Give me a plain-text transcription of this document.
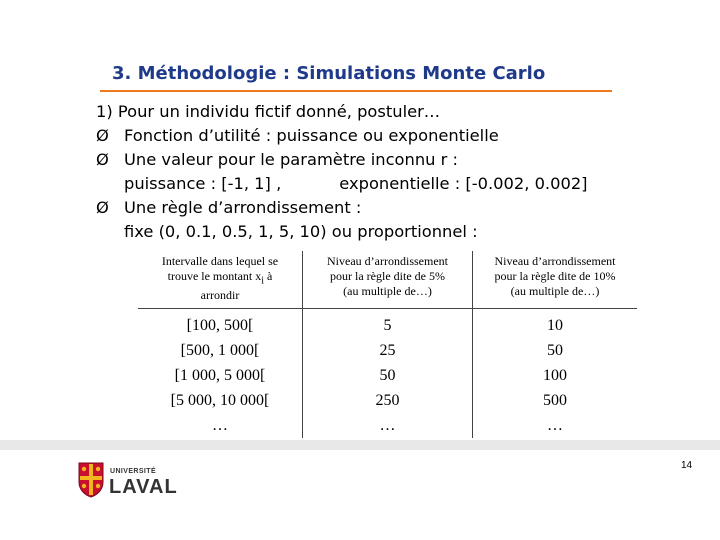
3. Méthodologie : Simulations Monte Carlo
1) Pour un individu fictif donné, postuler…
Ø Fonction d’utilité : puissance ou exponentielle
Ø Une valeur pour le paramètre inconnu r :
puissance : [-1, 1] ,	exponentielle : [-0.002, 0.002]
Ø Une règle d’arrondissement :
fixe (0, 0.1, 0.5, 1, 5, 10) ou proportionnel :
Intervalle dans lequel se
trouve le montant $x_i$ à
arrondir	Niveau d’arrondissement
pour la règle dite de 5%
(au multiple de…)	Niveau d’arrondissement
pour la règle dite de 10%
(au multiple de…)
[100, 500[	5	10
[500, 1 000[	25	50
[1 000, 5 000[	50	100
[5 000, 10 000[	250	500
…	…	…
UNIVERSITÉ
LAVAL
14
